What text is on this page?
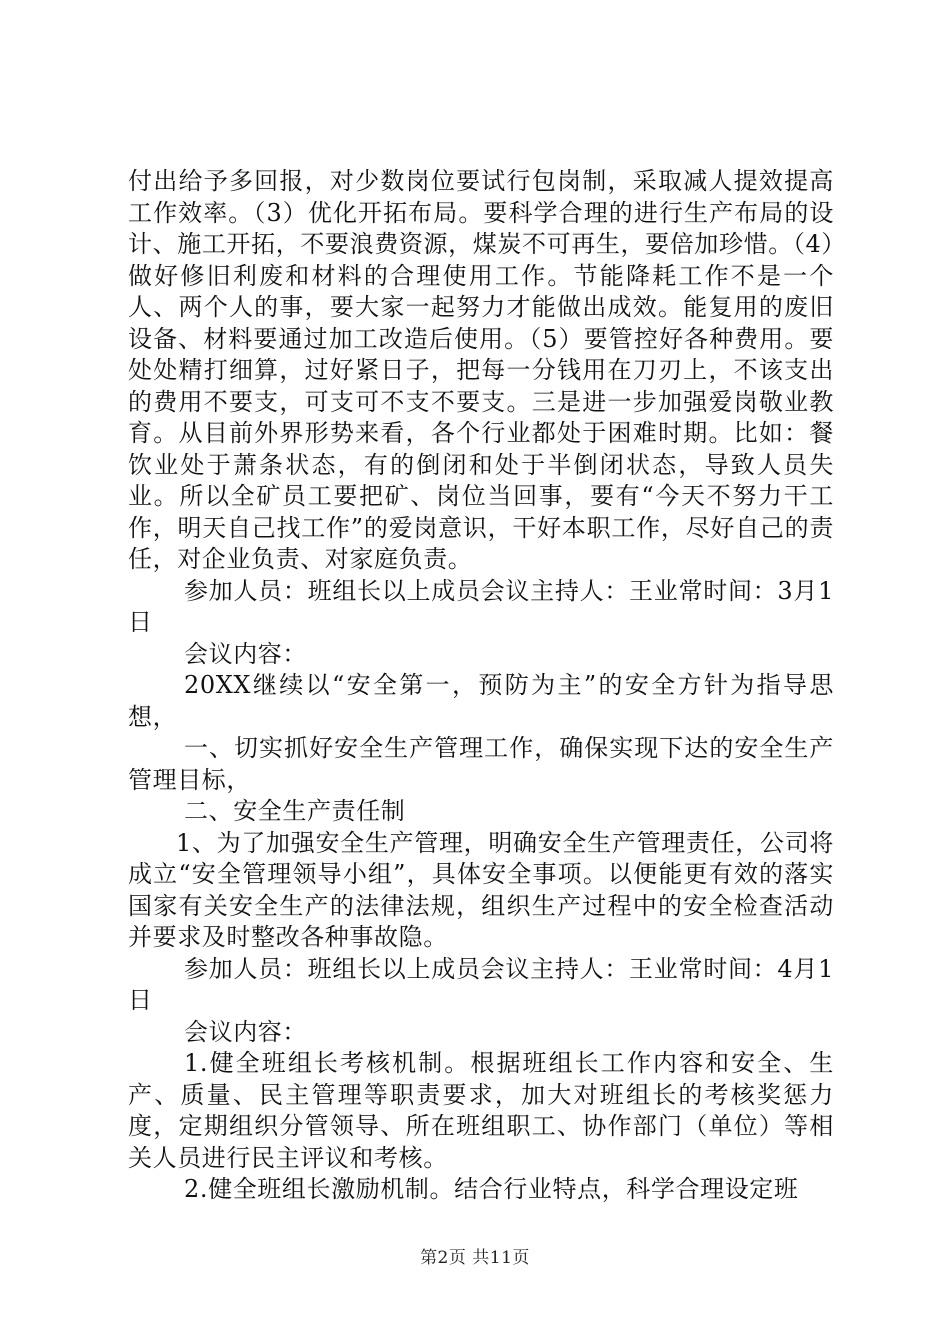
付出给予多回报，对少数岗位要试行包岗制，采取减人提效提高工作效率。（3）优化开拓布局。要科学合理的进行生产布局的设计、施工开拓，不要浪费资源，煤炭不可再生，要倍加珍惜。（4）做好修旧利废和材料的合理使用工作。节能降耗工作不是一个人、两个人的事，要大家一起努力才能做出成效。能复用的废旧设备、材料要通过加工改造后使用。（5）要管控好各种费用。要处处精打细算，过好紧日子，把每一分钱用在刀刃上，不该支出的费用不要支，可支可不支不要支。三是进一步加强爱岗敬业教育。从目前外界形势来看，各个行业都处于困难时期。比如：餐饮业处于萧条状态，有的倒闭和处于半倒闭状态，导致人员失业。所以全矿员工要把矿、岗位当回事，要有“今天不努力干工作，明天自己找工作”的爱岗意识，干好本职工作，尽好自己的责任，对企业负责、对家庭负责。

参加人员：班组长以上成员会议主持人：王业常时间：3月1日

会议内容：

20XX继续以“安全第一，预防为主”的安全方针为指导思想，

一、切实抓好安全生产管理工作，确保实现下达的安全生产管理目标，

二、安全生产责任制

1、为了加强安全生产管理，明确安全生产管理责任，公司将成立“安全管理领导小组”，具体安全事项。以便能更有效的落实国家有关安全生产的法律法规，组织生产过程中的安全检查活动并要求及时整改各种事故隐。

参加人员：班组长以上成员会议主持人：王业常时间：4月1日

会议内容：

1.健全班组长考核机制。根据班组长工作内容和安全、生产、质量、民主管理等职责要求，加大对班组长的考核奖惩力度，定期组织分管领导、所在班组职工、协作部门（单位）等相关人员进行民主评议和考核。

2.健全班组长激励机制。结合行业特点，科学合理设定班

第2页 共11页
